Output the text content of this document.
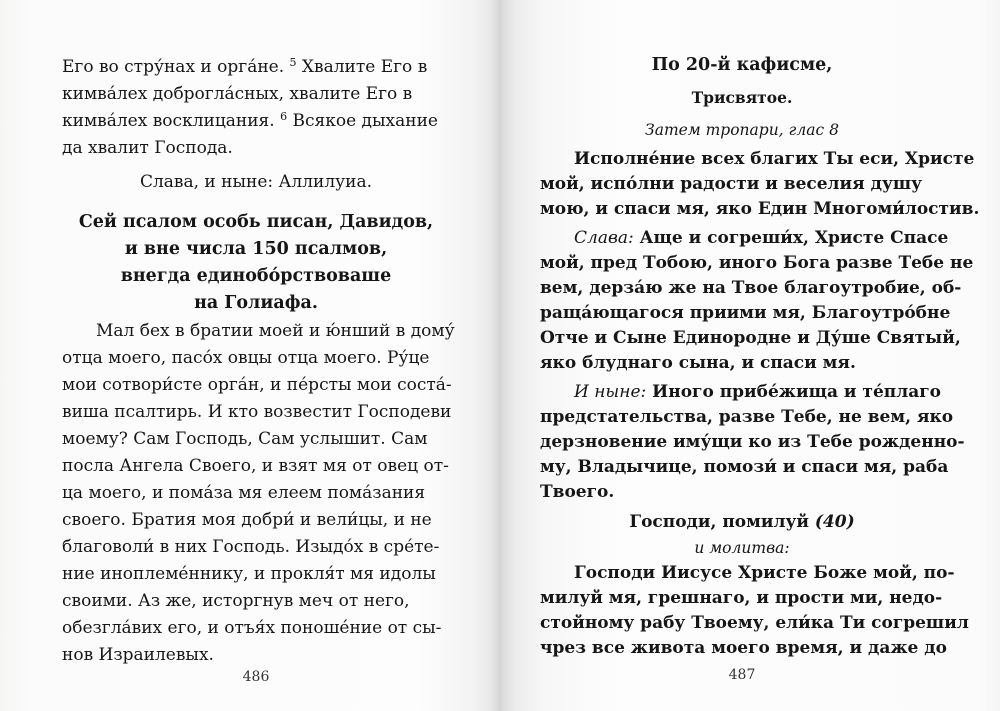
Его во стру́нах и орга́не. $^5$ Хвалите Его в
кимва́лех доброгла́сных, хвалите Его в
кимва́лех восклицания. $^6$ Всякое дыхание
да хвалит Господа.
Слава, и ныне: Аллилуиа.
Сей псалом особь писан, Давидов,
и вне числа 150 псалмов,
внегда единобо́рствоваше
на Голиафа.
Мал бех в братии моей и ю́нший в дому́
отца моего, пасо́х овцы отца моего. Ру́це
мои сотвори́сте орга́н, и пе́рсты мои соста́-
виша псалтирь. И кто возвестит Господеви
моему? Сам Господь, Сам услышит. Сам
посла Ангела Своего, и взят мя от овец от-
ца моего, и пома́за мя елеем пома́зания
своего. Братия моя добри́ и вели́цы, и не
благоволи́ в них Господь. Изыдо́х в сре́те-
ние иноплеме́ннику, и прокля́т мя идолы
своими. Аз же, исторгнув меч от него,
обезгла́вих его, и отъя́х поноше́ние от сы-
нов Израилевых.
486
По 20-й кафисме,
Трисвятое.
Затем тропари, глас 8
Исполне́ние всех благих Ты еси, Христе
мой, испо́лни радости и веселия душу
мою, и спаси мя, яко Един Многоми́лостив.
Слава: Аще и согреши́х, Христе Спасе
мой, пред Тобою, иного Бога разве Тебе не
вем, дерза́ю же на Твое благоутробие, об-
раща́ющагося приими мя, Благоутро́бне
Отче и Сыне Единородне и Ду́ше Святый,
яко блуднаго сына, и спаси мя.
И ныне: Иного прибе́жища и те́плаго
предстательства, разве Тебе, не вем, яко
дерзновение иму́щи ко из Тебе рожденно-
му, Владычице, помози́ и спаси мя, раба
Твоего.
Господи, помилуй (40)
и молитва:
Господи Иисусе Христе Боже мой, по-
милуй мя, грешнаго, и прости ми, недо-
стойному рабу Твоему, ели́ка Ти согрешил
чрез все живота моего время, и даже до
487
